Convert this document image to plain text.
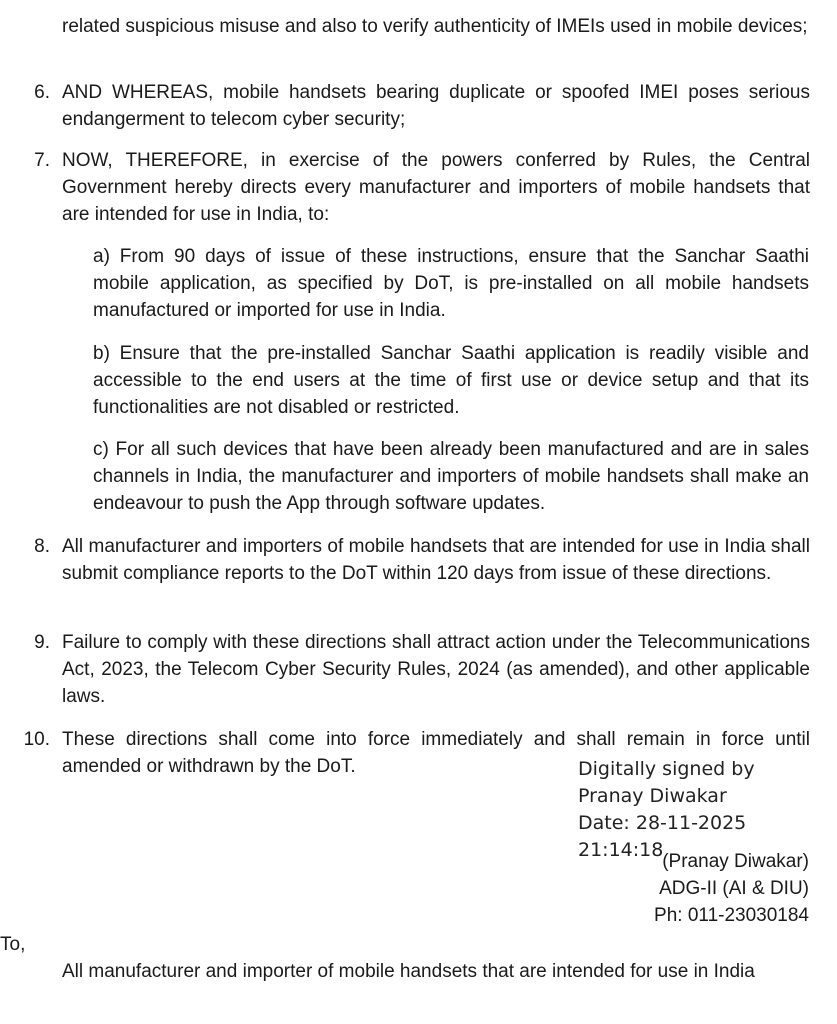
related suspicious misuse and also to verify authenticity of IMEIs used in mobile devices;
6. AND WHEREAS, mobile handsets bearing duplicate or spoofed IMEI poses serious endangerment to telecom cyber security;
7. NOW, THEREFORE, in exercise of the powers conferred by Rules, the Central Government hereby directs every manufacturer and importers of mobile handsets that are intended for use in India, to:
a) From 90 days of issue of these instructions, ensure that the Sanchar Saathi mobile application, as specified by DoT, is pre-installed on all mobile handsets manufactured or imported for use in India.
b) Ensure that the pre-installed Sanchar Saathi application is readily visible and accessible to the end users at the time of first use or device setup and that its functionalities are not disabled or restricted.
c) For all such devices that have been already been manufactured and are in sales channels in India, the manufacturer and importers of mobile handsets shall make an endeavour to push the App through software updates.
8. All manufacturer and importers of mobile handsets that are intended for use in India shall submit compliance reports to the DoT within 120 days from issue of these directions.
9. Failure to comply with these directions shall attract action under the Telecommunications Act, 2023, the Telecom Cyber Security Rules, 2024 (as amended), and other applicable laws.
10. These directions shall come into force immediately and shall remain in force until amended or withdrawn by the DoT.	Digitally signed by
Pranay Diwakar
Date: 28-11-2025
21:14:18
(Pranay Diwakar)
ADG-II (AI & DIU)
Ph: 011-23030184
To,
All manufacturer and importer of mobile handsets that are intended for use in India
